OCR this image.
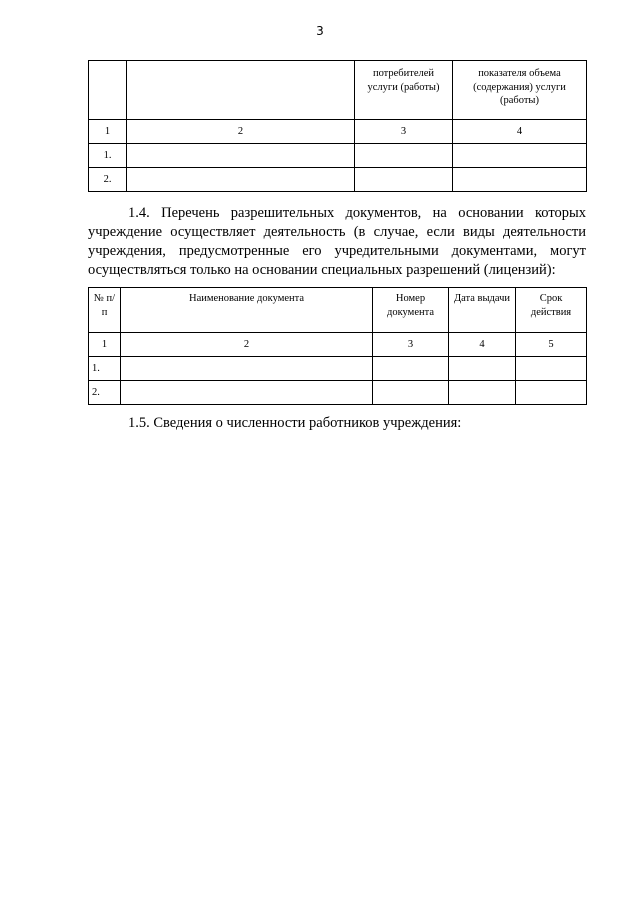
3
		потребителей услуги (работы)	показателя объема (содержания) услуги (работы)
1	2	3	4
1.			
2.			
1.4. Перечень разрешительных документов, на основании которых учреждение осуществляет деятельность (в случае, если виды деятельности учреждения, предусмотренные его учредительными документами, могут осуществляться только на основании специальных разрешений (лицензий):
№ п/п	Наименование документа	Номер документа	Дата выдачи	Срок действия
1	2	3	4	5
1.				
2.				
1.5. Сведения о численности работников учреждения:
